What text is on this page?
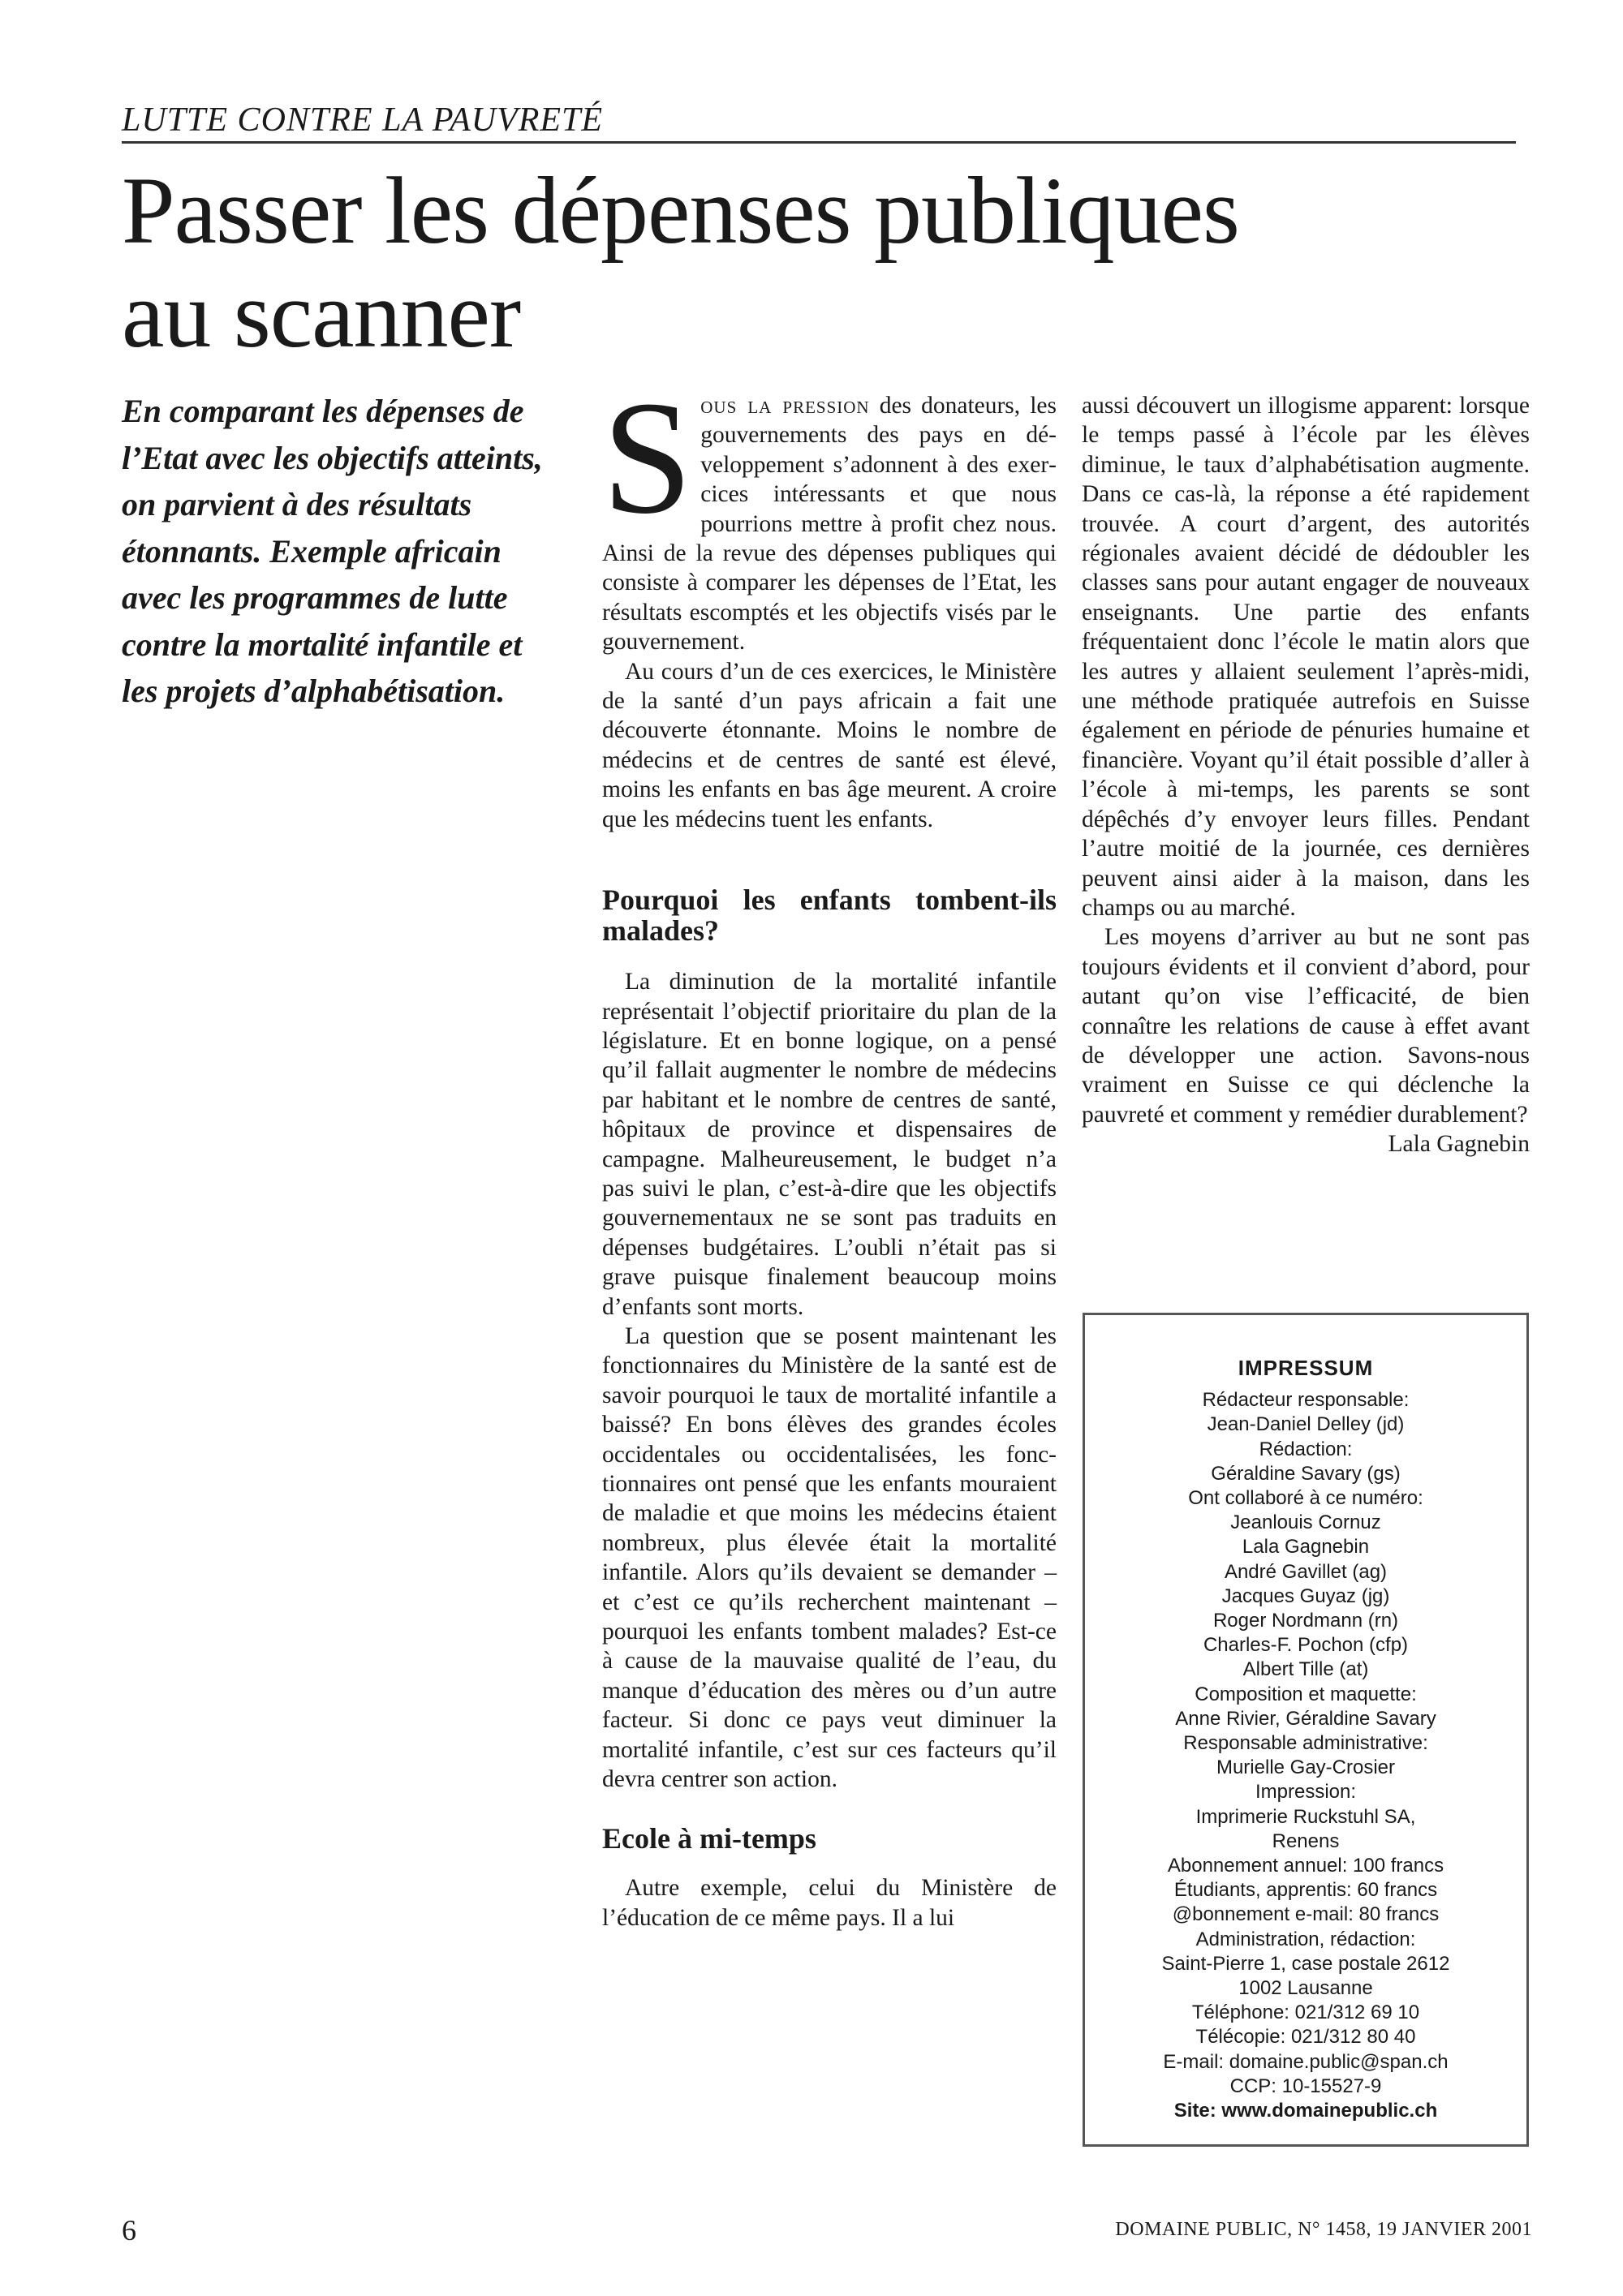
LUTTE CONTRE LA PAUVRETÉ
Passer les dépenses publiques
au scanner
En comparant les dépenses de l’Etat avec les objectifs atteints, on parvient à des résultats étonnants. Exemple africain avec les programmes de lutte contre la mortalité infantile et les projets d’alphabétisation.

Sous la pression des donateurs, les gouvernements des pays en développement s’adonnent à des exercices intéressants et que nous pourrions mettre à profit chez nous. Ainsi de la revue des dépenses publiques qui consiste à comparer les dépenses de l’Etat, les résultats escomptés et les objectifs visés par le gouvernement.

Au cours d’un de ces exercices, le Ministère de la santé d’un pays africain a fait une découverte étonnante. Moins le nombre de médecins et de centres de santé est élevé, moins les enfants en bas âge meurent. A croire que les médecins tuent les enfants.

Pourquoi les enfants tombent-ils malades?

La diminution de la mortalité infantile représentait l’objectif prioritaire du plan de la législature. Et en bonne logique, on a pensé qu’il fallait augmenter le nombre de médecins par habitant et le nombre de centres de santé, hôpitaux de province et dispensaires de campagne. Malheureusement, le budget n’a pas suivi le plan, c’est-à-dire que les objectifs gouvernementaux ne se sont pas traduits en dépenses budgétaires. L’oubli n’était pas si grave puisque finalement beaucoup moins d’enfants sont morts.

La question que se posent maintenant les fonctionnaires du Ministère de la santé est de savoir pourquoi le taux de mortalité infantile a baissé? En bons élèves des grandes écoles occidentales ou occidentalisées, les fonctionnaires ont pensé que les enfants mouraient de maladie et que moins les médecins étaient nombreux, plus élevée était la mortalité infantile. Alors qu’ils devaient se demander – et c’est ce qu’ils recherchent maintenant – pourquoi les enfants tombent malades? Est-ce à cause de la mauvaise qualité de l’eau, du manque d’éducation des mères ou d’un autre facteur. Si donc ce pays veut diminuer la mortalité infantile, c’est sur ces facteurs qu’il devra centrer son action.

Ecole à mi-temps

Autre exemple, celui du Ministère de l’éducation de ce même pays. Il a lui

aussi découvert un illogisme apparent: lorsque le temps passé à l’école par les élèves diminue, le taux d’alphabétisation augmente. Dans ce cas-là, la réponse a été rapidement trouvée. A court d’argent, des autorités régionales avaient décidé de dédoubler les classes sans pour autant engager de nouveaux enseignants. Une partie des enfants fréquentaient donc l’école le matin alors que les autres y allaient seulement l’après-midi, une méthode pratiquée autrefois en Suisse également en période de pénuries humaine et financière. Voyant qu’il était possible d’aller à l’école à mi-temps, les parents se sont dépêchés d’y envoyer leurs filles. Pendant l’autre moitié de la journée, ces dernières peuvent ainsi aider à la maison, dans les champs ou au marché.

Les moyens d’arriver au but ne sont pas toujours évidents et il convient d’abord, pour autant qu’on vise l’efficacité, de bien connaître les relations de cause à effet avant de développer une action. Savons-nous vraiment en Suisse ce qui déclenche la pauvreté et comment y remédier durablement?

Lala Gagnebin

IMPRESSUM
Rédacteur responsable:
Jean-Daniel Delley (jd)
Rédaction:
Géraldine Savary (gs)
Ont collaboré à ce numéro:
Jeanlouis Cornuz
Lala Gagnebin
André Gavillet (ag)
Jacques Guyaz (jg)
Roger Nordmann (rn)
Charles-F. Pochon (cfp)
Albert Tille (at)
Composition et maquette:
Anne Rivier, Géraldine Savary
Responsable administrative:
Murielle Gay-Crosier
Impression:
Imprimerie Ruckstuhl SA,
Renens
Abonnement annuel: 100 francs
Étudiants, apprentis: 60 francs
@bonnement e-mail: 80 francs
Administration, rédaction:
Saint-Pierre 1, case postale 2612
1002 Lausanne
Téléphone: 021/312 69 10
Télécopie: 021/312 80 40
E-mail: domaine.public@span.ch
CCP: 10-15527-9
Site: www.domainepublic.ch
6	DOMAINE PUBLIC, N° 1458, 19 JANVIER 2001
